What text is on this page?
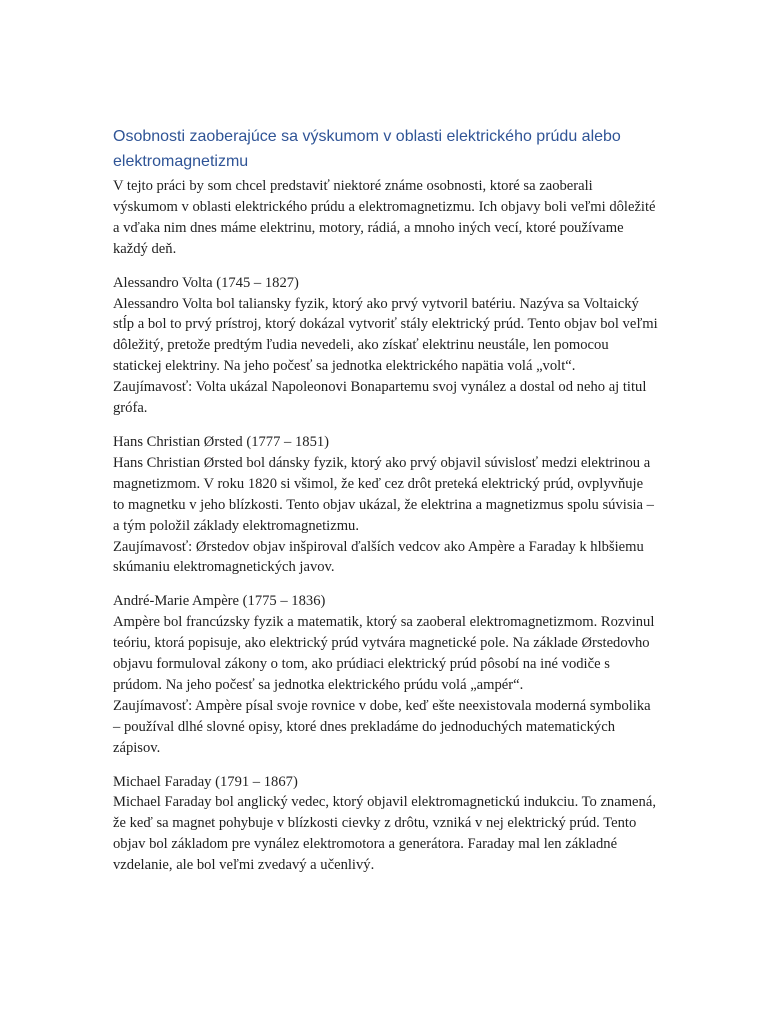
Osobnosti zaoberajúce sa výskumom v oblasti elektrického prúdu alebo elektromagnetizmu

V tejto práci by som chcel predstaviť niektoré známe osobnosti, ktoré sa zaoberali výskumom v oblasti elektrického prúdu a elektromagnetizmu. Ich objavy boli veľmi dôležité a vďaka nim dnes máme elektrinu, motory, rádiá, a mnoho iných vecí, ktoré používame každý deň.

Alessandro Volta (1745 – 1827)

Alessandro Volta bol taliansky fyzik, ktorý ako prvý vytvoril batériu. Nazýva sa Voltaický stĺp a bol to prvý prístroj, ktorý dokázal vytvoriť stály elektrický prúd. Tento objav bol veľmi dôležitý, pretože predtým ľudia nevedeli, ako získať elektrinu neustále, len pomocou statickej elektriny. Na jeho počesť sa jednotka elektrického napätia volá „volt“.

Zaujímavosť: Volta ukázal Napoleonovi Bonapartemu svoj vynález a dostal od neho aj titul grófa.

Hans Christian Ørsted (1777 – 1851)

Hans Christian Ørsted bol dánsky fyzik, ktorý ako prvý objavil súvislosť medzi elektrinou a magnetizmom. V roku 1820 si všimol, že keď cez drôt preteká elektrický prúd, ovplyvňuje to magnetku v jeho blízkosti. Tento objav ukázal, že elektrina a magnetizmus spolu súvisia – a tým položil základy elektromagnetizmu.

Zaujímavosť: Ørstedov objav inšpiroval ďalších vedcov ako Ampère a Faraday k hlbšiemu skúmaniu elektromagnetických javov.

André-Marie Ampère (1775 – 1836)

Ampère bol francúzsky fyzik a matematik, ktorý sa zaoberal elektromagnetizmom. Rozvinul teóriu, ktorá popisuje, ako elektrický prúd vytvára magnetické pole. Na základe Ørstedovho objavu formuloval zákony o tom, ako prúdiaci elektrický prúd pôsobí na iné vodiče s prúdom. Na jeho počesť sa jednotka elektrického prúdu volá „ampér“.

Zaujímavosť: Ampère písal svoje rovnice v dobe, keď ešte neexistovala moderná symbolika – používal dlhé slovné opisy, ktoré dnes prekladáme do jednoduchých matematických zápisov.

Michael Faraday (1791 – 1867)

Michael Faraday bol anglický vedec, ktorý objavil elektromagnetickú indukciu. To znamená, že keď sa magnet pohybuje v blízkosti cievky z drôtu, vzniká v nej elektrický prúd. Tento objav bol základom pre vynález elektromotora a generátora. Faraday mal len základné vzdelanie, ale bol veľmi zvedavý a učenlivý.
